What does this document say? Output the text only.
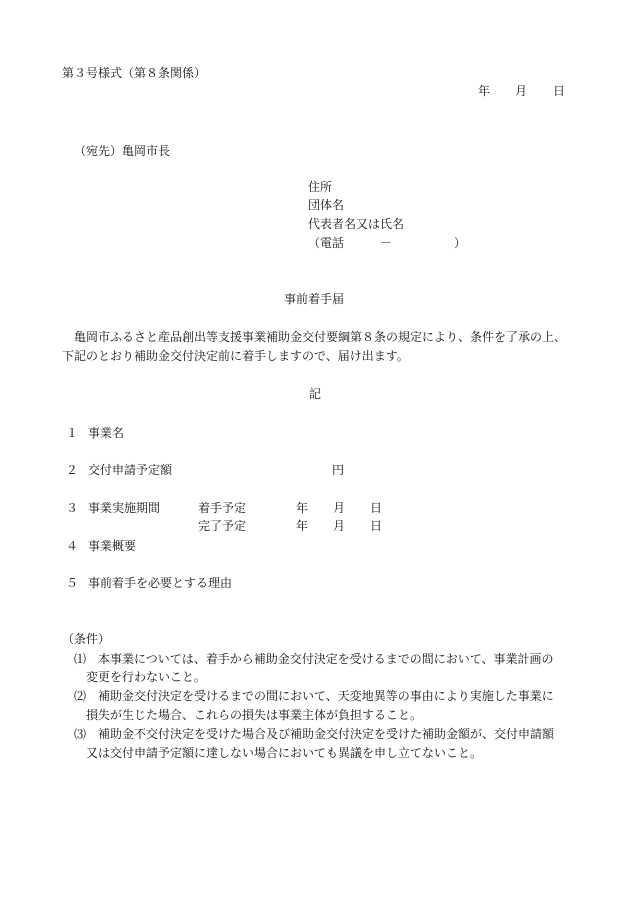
第３号様式（第８条関係）
年 月 日
（宛先）亀岡市長
住所
団体名
代表者名又は氏名
（電話	－	）
事前着手届
亀岡市ふるさと産品創出等支援事業補助金交付要綱第８条の規定により、条件を了承の上、
下記のとおり補助金交付決定前に着手しますので、届け出ます。
記
１ 事業名
２ 交付申請予定額	円
３ 事業実施期間	着手予定	年 月 日
完了予定	年 月 日
４ 事業概要
５ 事前着手を必要とする理由
（条件）
⑴ 本事業については、着手から補助金交付決定を受けるまでの間において、事業計画の
変更を行わないこと。
⑵ 補助金交付決定を受けるまでの間において、天変地異等の事由により実施した事業に
損失が生じた場合、これらの損失は事業主体が負担すること。
⑶ 補助金不交付決定を受けた場合及び補助金交付決定を受けた補助金額が、交付申請額
又は交付申請予定額に達しない場合においても異議を申し立てないこと。
